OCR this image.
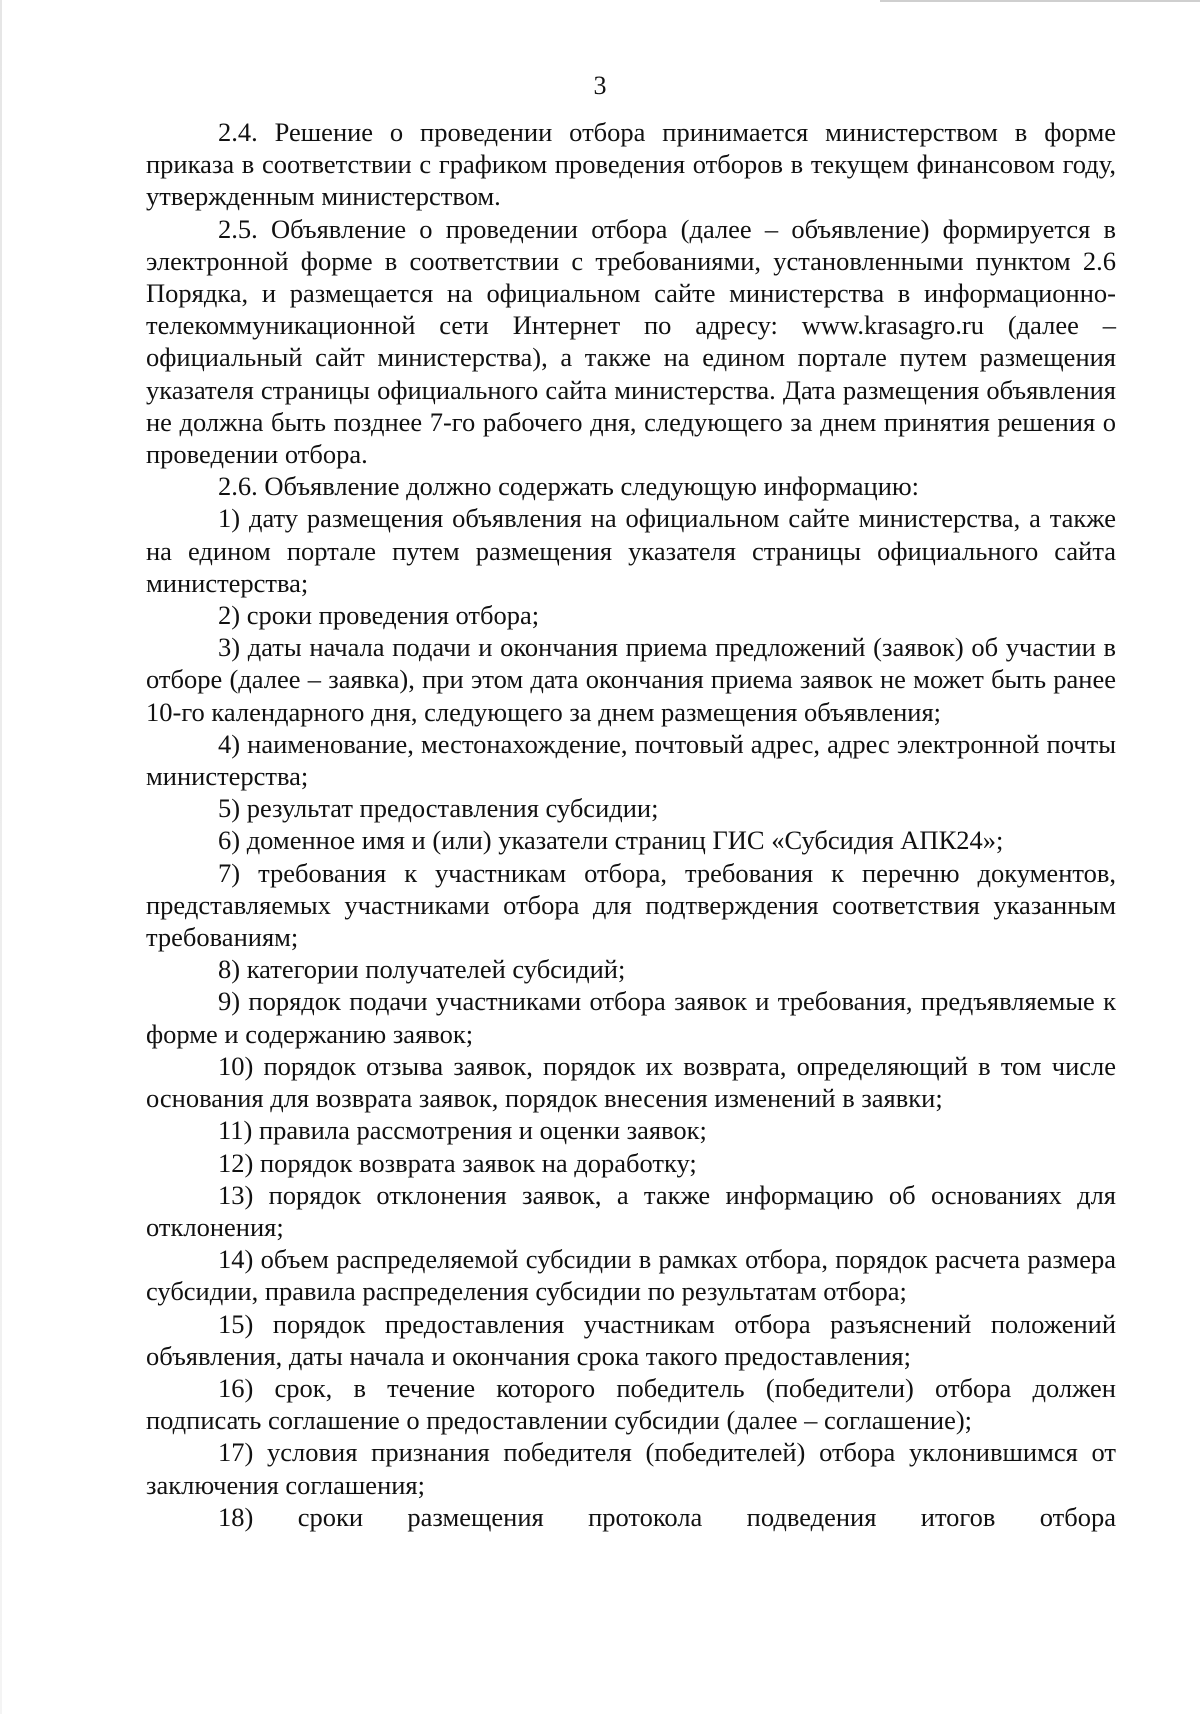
3

2.4. Решение о проведении отбора принимается министерством в форме приказа в соответствии с графиком проведения отборов в текущем финансовом году, утвержденным министерством.

2.5. Объявление о проведении отбора (далее – объявление) формируется в электронной форме в соответствии с требованиями, установленными пунктом 2.6 Порядка, и размещается на официальном сайте министерства в информационно-телекоммуникационной сети Интернет по адресу: www.krasagro.ru (далее – официальный сайт министерства), а также на едином портале путем размещения указателя страницы официального сайта министерства. Дата размещения объявления не должна быть позднее 7-го рабочего дня, следующего за днем принятия решения о проведении отбора.

2.6. Объявление должно содержать следующую информацию:

1) дату размещения объявления на официальном сайте министерства, а также на едином портале путем размещения указателя страницы официального сайта министерства;

2) сроки проведения отбора;

3) даты начала подачи и окончания приема предложений (заявок) об участии в отборе (далее – заявка), при этом дата окончания приема заявок не может быть ранее 10-го календарного дня, следующего за днем размещения объявления;

4) наименование, местонахождение, почтовый адрес, адрес электронной почты министерства;

5) результат предоставления субсидии;

6) доменное имя и (или) указатели страниц ГИС «Субсидия АПК24»;

7) требования к участникам отбора, требования к перечню документов, представляемых участниками отбора для подтверждения соответствия указанным требованиям;

8) категории получателей субсидий;

9) порядок подачи участниками отбора заявок и требования, предъявляемые к форме и содержанию заявок;

10) порядок отзыва заявок, порядок их возврата, определяющий в том числе основания для возврата заявок, порядок внесения изменений в заявки;

11) правила рассмотрения и оценки заявок;

12) порядок возврата заявок на доработку;

13) порядок отклонения заявок, а также информацию об основаниях для отклонения;

14) объем распределяемой субсидии в рамках отбора, порядок расчета размера субсидии, правила распределения субсидии по результатам отбора;

15) порядок предоставления участникам отбора разъяснений положений объявления, даты начала и окончания срока такого предоставления;

16) срок, в течение которого победитель (победители) отбора должен подписать соглашение о предоставлении субсидии (далее – соглашение);

17) условия признания победителя (победителей) отбора уклонившимся от заключения соглашения;

18) сроки размещения протокола подведения итогов отбора
